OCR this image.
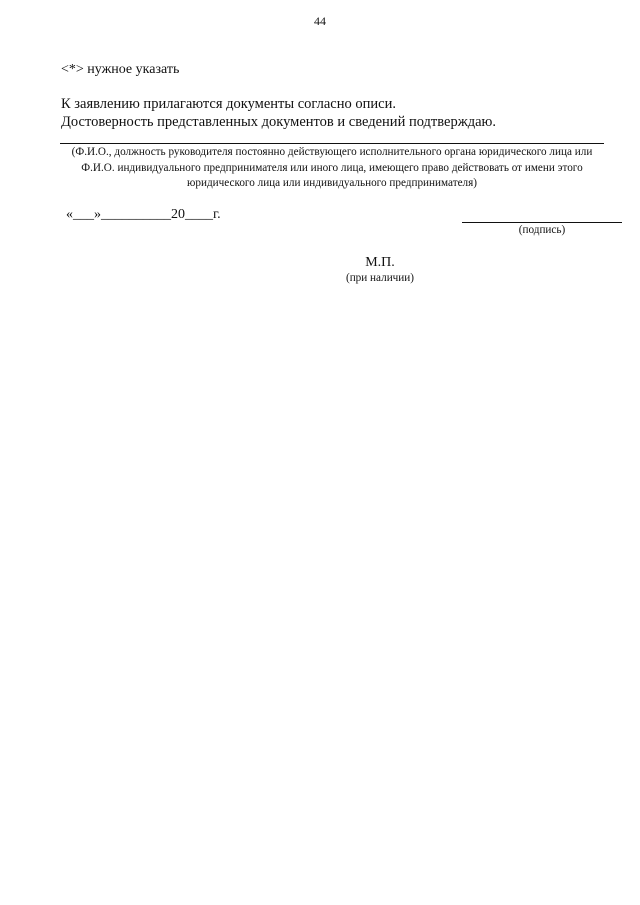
44
<*> нужное указать
К заявлению прилагаются документы согласно описи.
Достоверность представленных документов и сведений подтверждаю.
(Ф.И.О., должность руководителя постоянно действующего исполнительного органа юридического лица или Ф.И.О. индивидуального предпринимателя или иного лица, имеющего право действовать от имени этого юридического лица или индивидуального предпринимателя)
«___»__________20____г.
(подпись)
М.П.
(при наличии)
